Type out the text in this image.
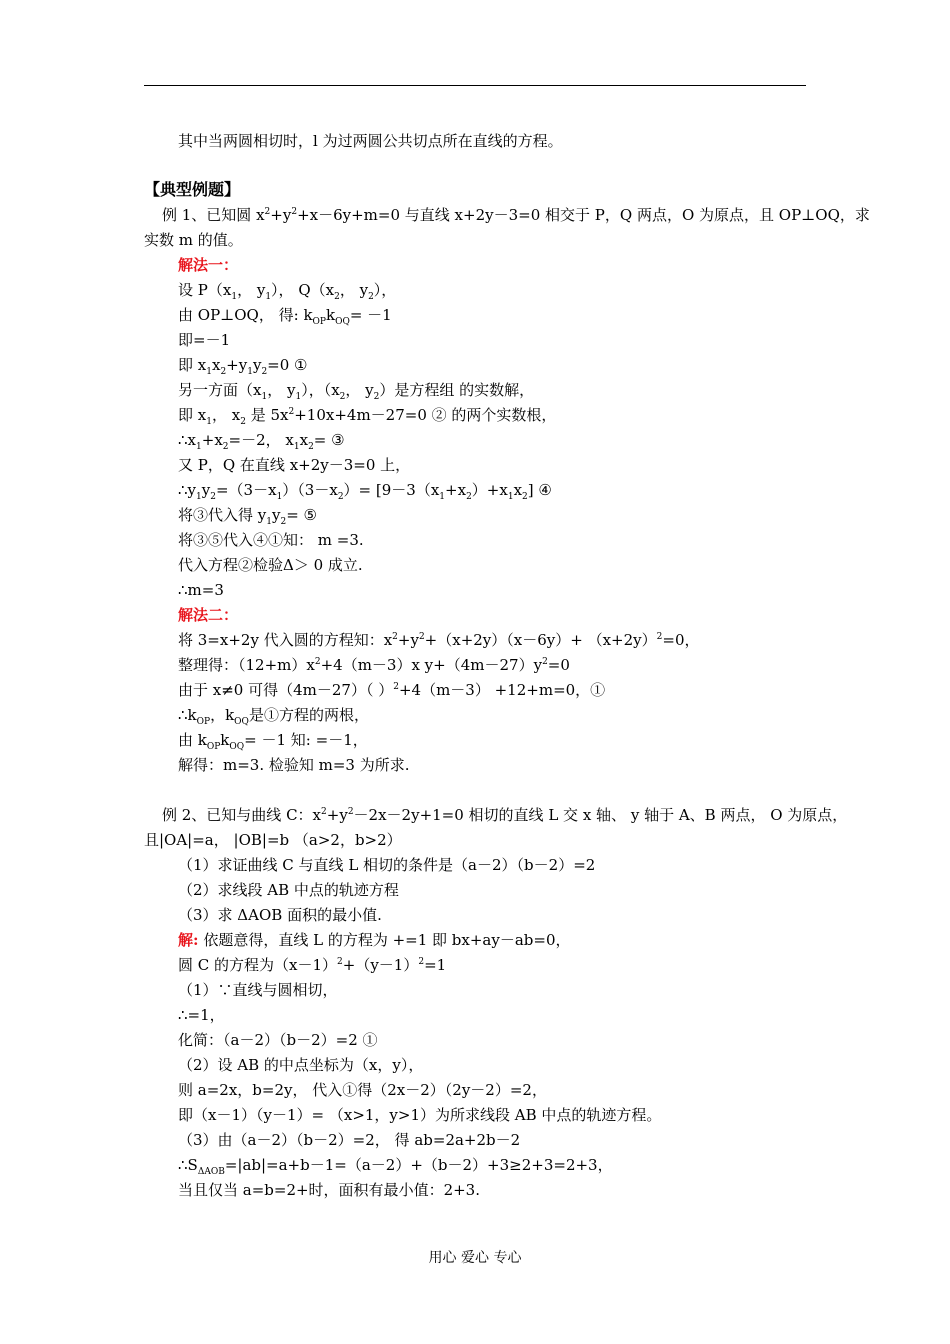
其中当两圆相切时，l 为过两圆公共切点所在直线的方程。
【典型例题】
例 1、已知圆 $x^2+y^2+x-6y+m=0$ 与直线 x+2y－3=0 相交于 P，Q 两点，O 为原点，且 OP⊥OQ，求
实数 m 的值。
解法一：
设 $P(x_1$， $y_1$）， $Q(x_2$， $y_2$），
由 OP⊥OQ， 得: $k_{OP}k_{OQ}= -1$
即=－1
即 $x_1x_2+y_1y_2=0$ ①
另一方面（$x_1$， $y_1$），（$x_2$， $y_2$）是方程组 的实数解，
即 $x_1$， $x_2$ 是 $5x^2+10x+4m-27=0$ ② 的两个实数根，
$\therefore x_1+x_2=-2$， $x_1x_2=$ ③
又 P，Q 在直线 x+2y－3=0 上，
$\therefore y_1y_2=(3-x_1)(3-x_2)= [9-3(x_1+x_2)+x_1x_2]$ ④
将③代入得 $y_1y_2=$ ⑤
将③⑤代入④①知： m =3.
代入方程②检验Δ＞ 0 成立.
∴m=3
解法二：
将 3=x+2y 代入圆的方程知：$x^2+y^2+(x+2y)(x-6y)+ (x+2y)^2=0$，
整理得：$(12+m)x^2+4(m-3)x$ $y+(4m-27)y^2=0$
由于 x≠0 可得（4m－27）（ ）$^2$+4（m－3） +12+m=0，①
$\therefore k_{OP}$，$k_{OQ}$是①方程的两根，
由 $k_{OP}k_{OQ}= -1$ 知: =－1，
解得：m=3. 检验知 m=3 为所求.
例 2、已知与曲线 C：$x^2+y^2-2x-2y+1=0$ 相切的直线 L 交 x 轴、 y 轴于 A、B 两点， O 为原点，
且|OA|=a， |OB|=b （a>2，b>2）
（1）求证曲线 C 与直线 L 相切的条件是（a－2）（b－2）=2
（2）求线段 AB 中点的轨迹方程
（3）求 ΔAOB 面积的最小值.
解: 依题意得，直线 L 的方程为 +=1 即 bx+ay－ab=0，
圆 C 的方程为$(x-1)^2+(y-1)^2=1$
（1）∵直线与圆相切，
∴=1，
化简：（a－2）（b－2）=2 ①
（2）设 AB 的中点坐标为（x，y），
则 a=2x，b=2y， 代入①得（2x－2）（2y－2）=2，
即（x－1）（y－1）= （x>1，y>1）为所求线段 AB 中点的轨迹方程。
（3）由（a－2）（b－2）=2， 得 ab=2a+2b－2
$\therefore S_{\Delta AOB}=|ab|=a+b-1=(a-2)+(b-2)+3\ge 2+3=2+3$，
当且仅当 a=b=2+时，面积有最小值：2+3.
用心 爱心 专心
